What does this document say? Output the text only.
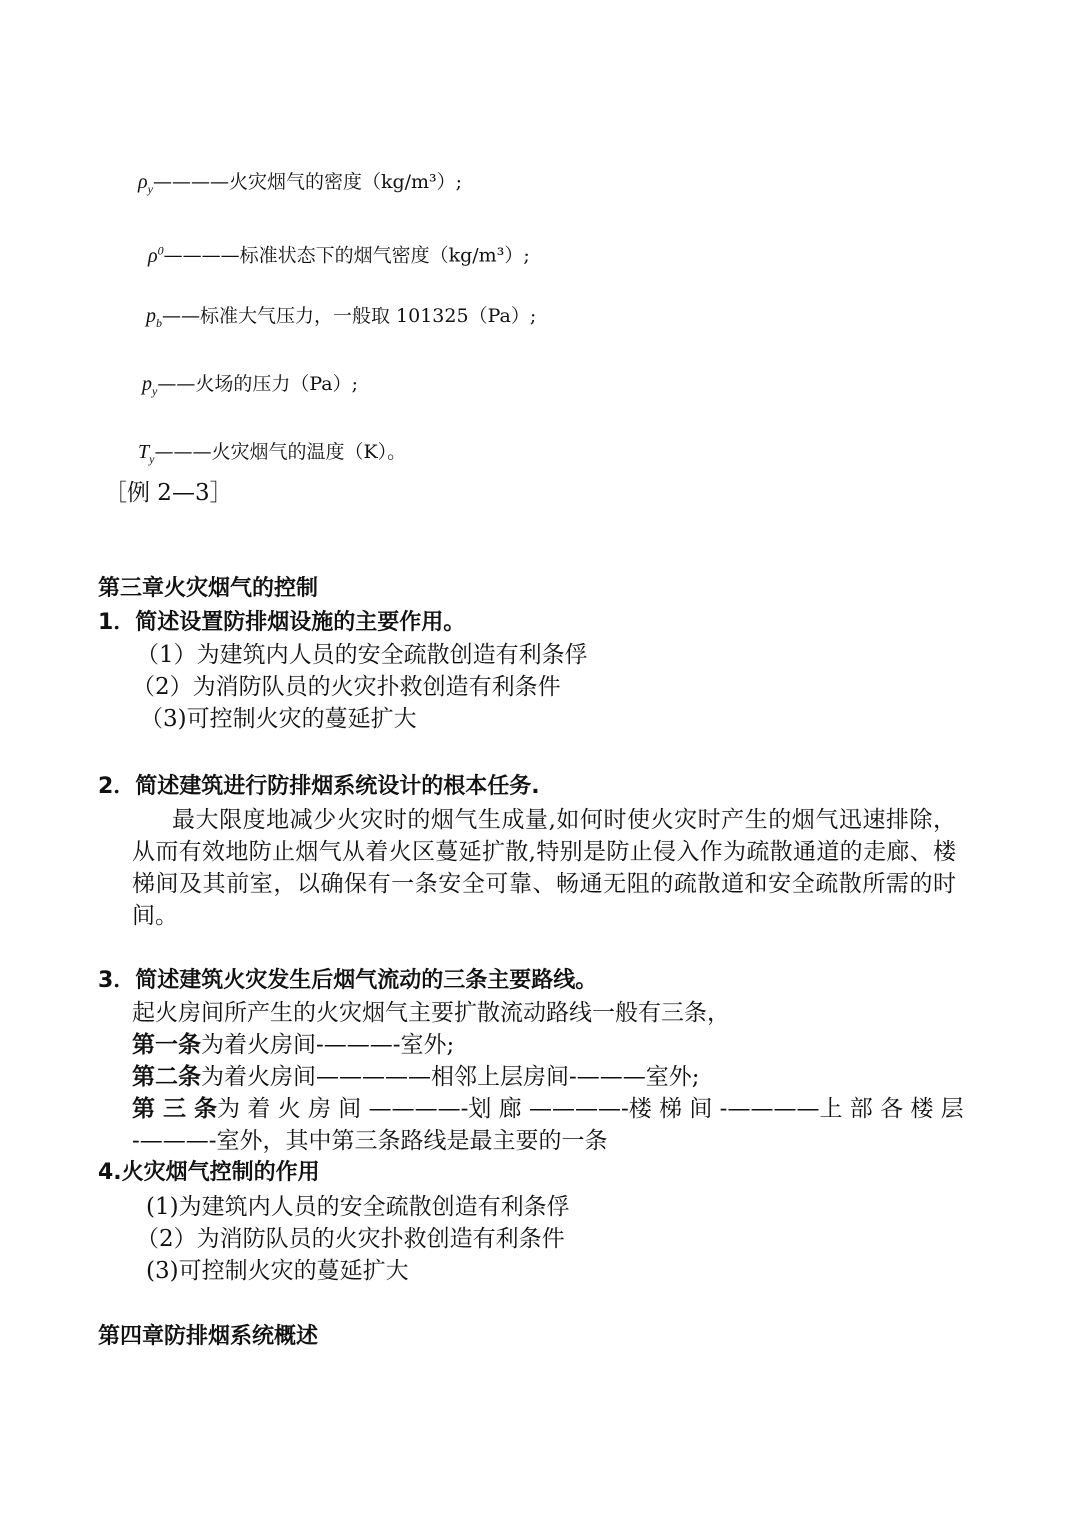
$\rho_y————$火灾烟气的密度（kg/m³）;
$\rho^0————$标准状态下的烟气密度（kg/m³）;
$p_b——$标准大气压力，一般取 101325（Pa）;
$p_y——$火场的压力（Pa）;
$T_y———$火灾烟气的温度（K）。
［例 2—3］
第三章火灾烟气的控制
1．简述设置防排烟设施的主要作用。
（1）为建筑内人员的安全疏散创造有利条俘
（2）为消防队员的火灾扑救创造有利条件
（3)可控制火灾的蔓延扩大
2．简述建筑进行防排烟系统设计的根本任务.
最大限度地减少火灾时的烟气生成量,如何时使火灾时产生的烟气迅速排除，从而有效地防止烟气从着火区蔓延扩散,特别是防止侵入作为疏散通道的走廊、楼梯间及其前室，以确保有一条安全可靠、畅通无阻的疏散道和安全疏散所需的时间。
3．简述建筑火灾发生后烟气流动的三条主要路线。
起火房间所产生的火灾烟气主要扩散流动路线一般有三条，
第一条为着火房间-———-室外;
第二条为着火房间—————相邻上层房间-———室外;
第 三 条为 着 火 房 间 ————-划 廊 ————-楼 梯 间 -————上 部 各 楼 层
-———-室外，其中第三条路线是最主要的一条
4.火灾烟气控制的作用
(1)为建筑内人员的安全疏散创造有利条俘
（2）为消防队员的火灾扑救创造有利条件
(3)可控制火灾的蔓延扩大
第四章防排烟系统概述
